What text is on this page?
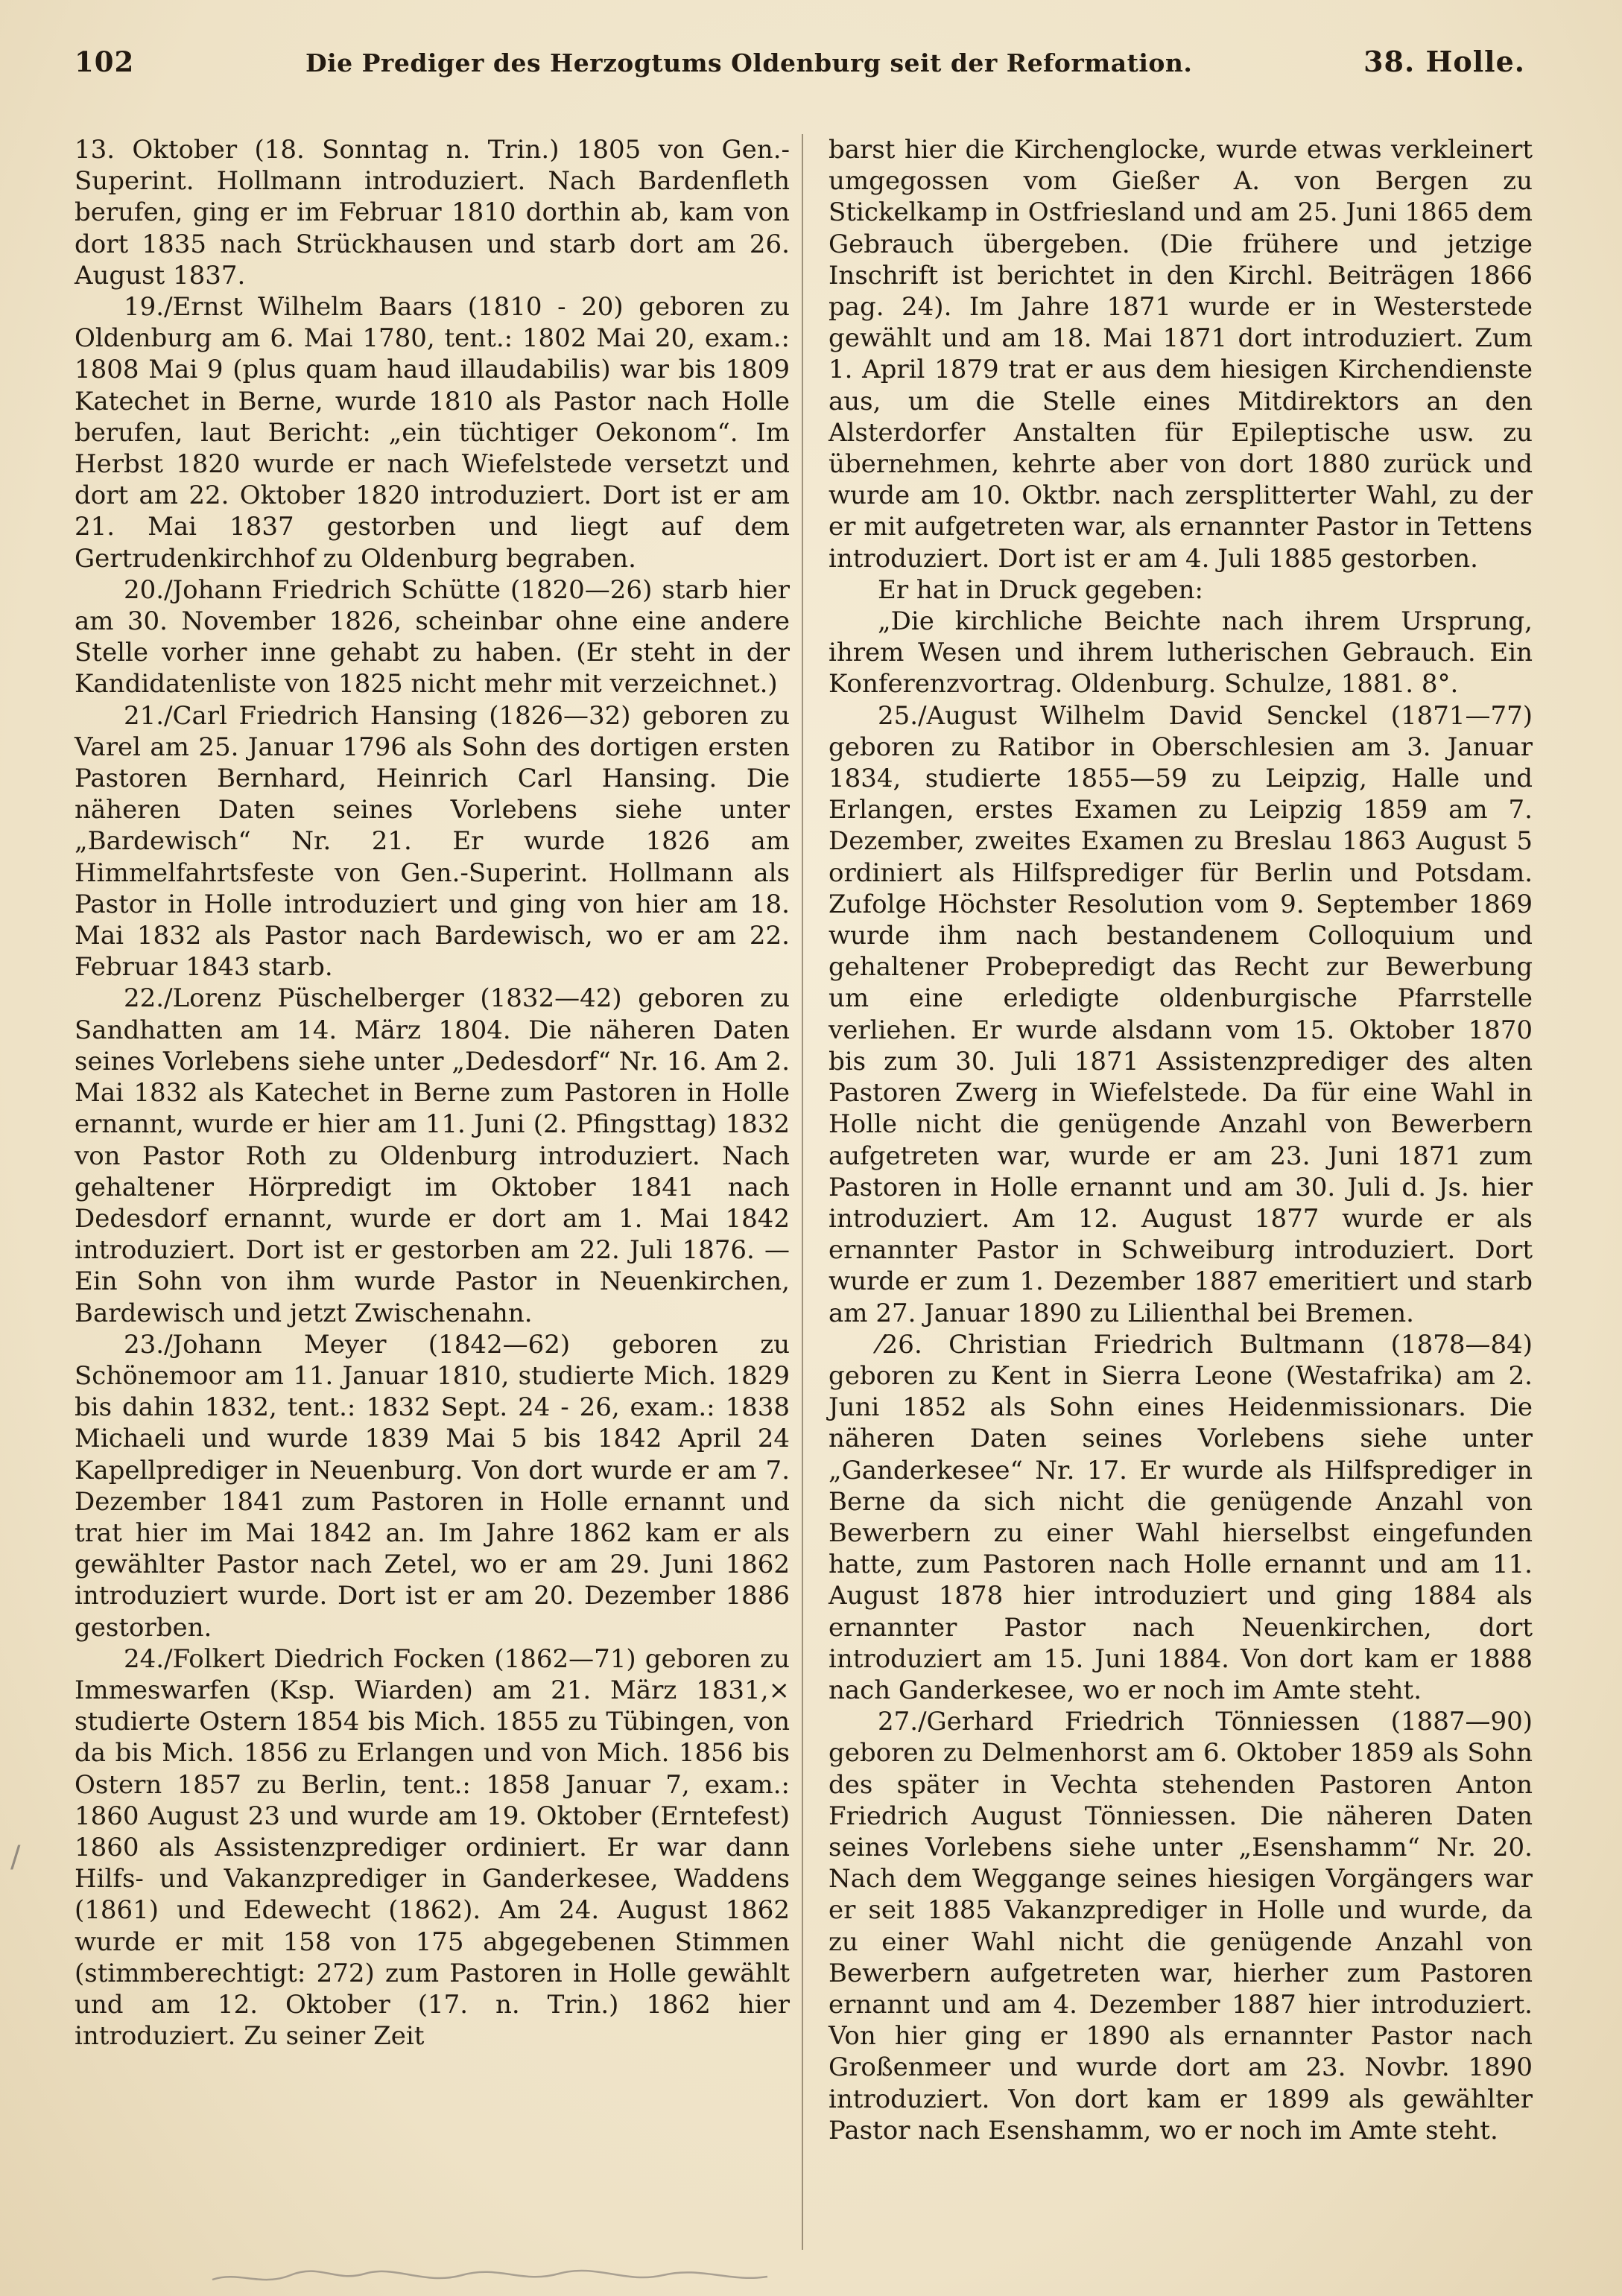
102	Die Prediger des Herzogtums Oldenburg seit der Reformation.	38. Holle.

13. Oktober (18. Sonntag n. Trin.) 1805 von Gen.-Superint. Hollmann introduziert. Nach Bardenfleth berufen, ging er im Februar 1810 dorthin ab, kam von dort 1835 nach Strückhausen und starb dort am 26. August 1837.

19./Ernst Wilhelm Baars (1810 - 20) geboren zu Oldenburg am 6. Mai 1780, tent.: 1802 Mai 20, exam.: 1808 Mai 9 (plus quam haud illaudabilis) war bis 1809 Katechet in Berne, wurde 1810 als Pastor nach Holle berufen, laut Bericht: „ein tüchtiger Oekonom“. Im Herbst 1820 wurde er nach Wiefelstede versetzt und dort am 22. Oktober 1820 introduziert. Dort ist er am 21. Mai 1837 gestorben und liegt auf dem Gertrudenkirchhof zu Oldenburg begraben.

20./Johann Friedrich Schütte (1820—26) starb hier am 30. November 1826, scheinbar ohne eine andere Stelle vorher inne gehabt zu haben. (Er steht in der Kandidatenliste von 1825 nicht mehr mit verzeichnet.)

21./Carl Friedrich Hansing (1826—32) geboren zu Varel am 25. Januar 1796 als Sohn des dortigen ersten Pastoren Bernhard, Heinrich Carl Hansing. Die näheren Daten seines Vorlebens siehe unter „Bardewisch“ Nr. 21. Er wurde 1826 am Himmelfahrtsfeste von Gen.-Superint. Hollmann als Pastor in Holle introduziert und ging von hier am 18. Mai 1832 als Pastor nach Bardewisch, wo er am 22. Februar 1843 starb.

22./Lorenz Püschelberger (1832—42) geboren zu Sandhatten am 14. März 1804. Die näheren Daten seines Vorlebens siehe unter „Dedesdorf“ Nr. 16. Am 2. Mai 1832 als Katechet in Berne zum Pastoren in Holle ernannt, wurde er hier am 11. Juni (2. Pfingsttag) 1832 von Pastor Roth zu Oldenburg introduziert. Nach gehaltener Hörpredigt im Oktober 1841 nach Dedesdorf ernannt, wurde er dort am 1. Mai 1842 introduziert. Dort ist er gestorben am 22. Juli 1876. — Ein Sohn von ihm wurde Pastor in Neuenkirchen, Bardewisch und jetzt Zwischenahn.

23./Johann Meyer (1842—62) geboren zu Schönemoor am 11. Januar 1810, studierte Mich. 1829 bis dahin 1832, tent.: 1832 Sept. 24 - 26, exam.: 1838 Michaeli und wurde 1839 Mai 5 bis 1842 April 24 Kapellprediger in Neuenburg. Von dort wurde er am 7. Dezember 1841 zum Pastoren in Holle ernannt und trat hier im Mai 1842 an. Im Jahre 1862 kam er als gewählter Pastor nach Zetel, wo er am 29. Juni 1862 introduziert wurde. Dort ist er am 20. Dezember 1886 gestorben.

24./Folkert Diedrich Focken (1862—71) geboren zu Immeswarfen (Ksp. Wiarden) am 21. März 1831,× studierte Ostern 1854 bis Mich. 1855 zu Tübingen, von da bis Mich. 1856 zu Erlangen und von Mich. 1856 bis Ostern 1857 zu Berlin, tent.: 1858 Januar 7, exam.: 1860 August 23 und wurde am 19. Oktober (Erntefest) 1860 als Assistenzprediger ordiniert. Er war dann Hilfs- und Vakanzprediger in Ganderkesee, Waddens (1861) und Edewecht (1862). Am 24. August 1862 wurde er mit 158 von 175 abgegebenen Stimmen (stimmberechtigt: 272) zum Pastoren in Holle gewählt und am 12. Oktober (17. n. Trin.) 1862 hier introduziert. Zu seiner Zeit

barst hier die Kirchenglocke, wurde etwas verkleinert umgegossen vom Gießer A. von Bergen zu Stickelkamp in Ostfriesland und am 25. Juni 1865 dem Gebrauch übergeben. (Die frühere und jetzige Inschrift ist berichtet in den Kirchl. Beiträgen 1866 pag. 24). Im Jahre 1871 wurde er in Westerstede gewählt und am 18. Mai 1871 dort introduziert. Zum 1. April 1879 trat er aus dem hiesigen Kirchendienste aus, um die Stelle eines Mitdirektors an den Alsterdorfer Anstalten für Epileptische usw. zu übernehmen, kehrte aber von dort 1880 zurück und wurde am 10. Oktbr. nach zersplitterter Wahl, zu der er mit aufgetreten war, als ernannter Pastor in Tettens introduziert. Dort ist er am 4. Juli 1885 gestorben.

Er hat in Druck gegeben:

„Die kirchliche Beichte nach ihrem Ursprung, ihrem Wesen und ihrem lutherischen Gebrauch. Ein Konferenzvortrag. Oldenburg. Schulze, 1881. 8°.

25./August Wilhelm David Senckel (1871—77) geboren zu Ratibor in Oberschlesien am 3. Januar 1834, studierte 1855—59 zu Leipzig, Halle und Erlangen, erstes Examen zu Leipzig 1859 am 7. Dezember, zweites Examen zu Breslau 1863 August 5 ordiniert als Hilfsprediger für Berlin und Potsdam. Zufolge Höchster Resolution vom 9. September 1869 wurde ihm nach bestandenem Colloquium und gehaltener Probepredigt das Recht zur Bewerbung um eine erledigte oldenburgische Pfarrstelle verliehen. Er wurde alsdann vom 15. Oktober 1870 bis zum 30. Juli 1871 Assistenzprediger des alten Pastoren Zwerg in Wiefelstede. Da für eine Wahl in Holle nicht die genügende Anzahl von Bewerbern aufgetreten war, wurde er am 23. Juni 1871 zum Pastoren in Holle ernannt und am 30. Juli d. Js. hier introduziert. Am 12. August 1877 wurde er als ernannter Pastor in Schweiburg introduziert. Dort wurde er zum 1. Dezember 1887 emeritiert und starb am 27. Januar 1890 zu Lilienthal bei Bremen.

⁄26. Christian Friedrich Bultmann (1878—84) geboren zu Kent in Sierra Leone (Westafrika) am 2. Juni 1852 als Sohn eines Heidenmissionars. Die näheren Daten seines Vorlebens siehe unter „Ganderkesee“ Nr. 17. Er wurde als Hilfsprediger in Berne da sich nicht die genügende Anzahl von Bewerbern zu einer Wahl hierselbst eingefunden hatte, zum Pastoren nach Holle ernannt und am 11. August 1878 hier introduziert und ging 1884 als ernannter Pastor nach Neuenkirchen, dort introduziert am 15. Juni 1884. Von dort kam er 1888 nach Ganderkesee, wo er noch im Amte steht.

27./Gerhard Friedrich Tönniessen (1887—90) geboren zu Delmenhorst am 6. Oktober 1859 als Sohn des später in Vechta stehenden Pastoren Anton Friedrich August Tönniessen. Die näheren Daten seines Vorlebens siehe unter „Esenshamm“ Nr. 20. Nach dem Weggange seines hiesigen Vorgängers war er seit 1885 Vakanzprediger in Holle und wurde, da zu einer Wahl nicht die genügende Anzahl von Bewerbern aufgetreten war, hierher zum Pastoren ernannt und am 4. Dezember 1887 hier introduziert. Von hier ging er 1890 als ernannter Pastor nach Großenmeer und wurde dort am 23. Novbr. 1890 introduziert. Von dort kam er 1899 als gewählter Pastor nach Esenshamm, wo er noch im Amte steht.

/
